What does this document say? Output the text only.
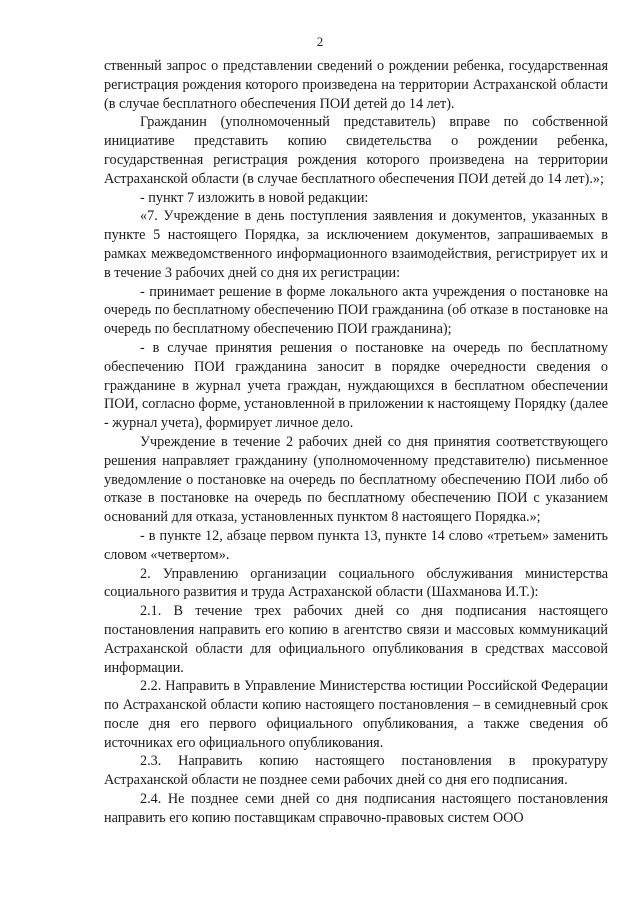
2

ственный запрос о представлении сведений о рождении ребенка, государственная регистрация рождения которого произведена на территории Астраханской области (в случае бесплатного обеспечения ПОИ детей до 14 лет).

Гражданин (уполномоченный представитель) вправе по собственной инициативе представить копию свидетельства о рождении ребенка, государственная регистрация рождения которого произведена на территории Астраханской области (в случае бесплатного обеспечения ПОИ детей до 14 лет).»;

- пункт 7 изложить в новой редакции:

«7. Учреждение в день поступления заявления и документов, указанных в пункте 5 настоящего Порядка, за исключением документов, запрашиваемых в рамках межведомственного информационного взаимодействия, регистрирует их и в течение 3 рабочих дней со дня их регистрации:

- принимает решение в форме локального акта учреждения о постановке на очередь по бесплатному обеспечению ПОИ гражданина (об отказе в постановке на очередь по бесплатному обеспечению ПОИ гражданина);

- в случае принятия решения о постановке на очередь по бесплатному обеспечению ПОИ гражданина заносит в порядке очередности сведения о гражданине в журнал учета граждан, нуждающихся в бесплатном обеспечении ПОИ, согласно форме, установленной в приложении к настоящему Порядку (далее - журнал учета), формирует личное дело.

Учреждение в течение 2 рабочих дней со дня принятия соответствующего решения направляет гражданину (уполномоченному представителю) письменное уведомление о постановке на очередь по бесплатному обеспечению ПОИ либо об отказе в постановке на очередь по бесплатному обеспечению ПОИ с указанием оснований для отказа, установленных пунктом 8 настоящего Порядка.»;

- в пункте 12, абзаце первом пункта 13, пункте 14 слово «третьем» заменить словом «четвертом».

2. Управлению организации социального обслуживания министерства социального развития и труда Астраханской области (Шахманова И.Т.):

2.1. В течение трех рабочих дней со дня подписания настоящего постановления направить его копию в агентство связи и массовых коммуникаций Астраханской области для официального опубликования в средствах массовой информации.

2.2. Направить в Управление Министерства юстиции Российской Федерации по Астраханской области копию настоящего постановления – в семидневный срок после дня его первого официального опубликования, а также сведения об источниках его официального опубликования.

2.3. Направить копию настоящего постановления в прокуратуру Астраханской области не позднее семи рабочих дней со дня его подписания.

2.4. Не позднее семи дней со дня подписания настоящего постановления направить его копию поставщикам справочно-правовых систем ООО
